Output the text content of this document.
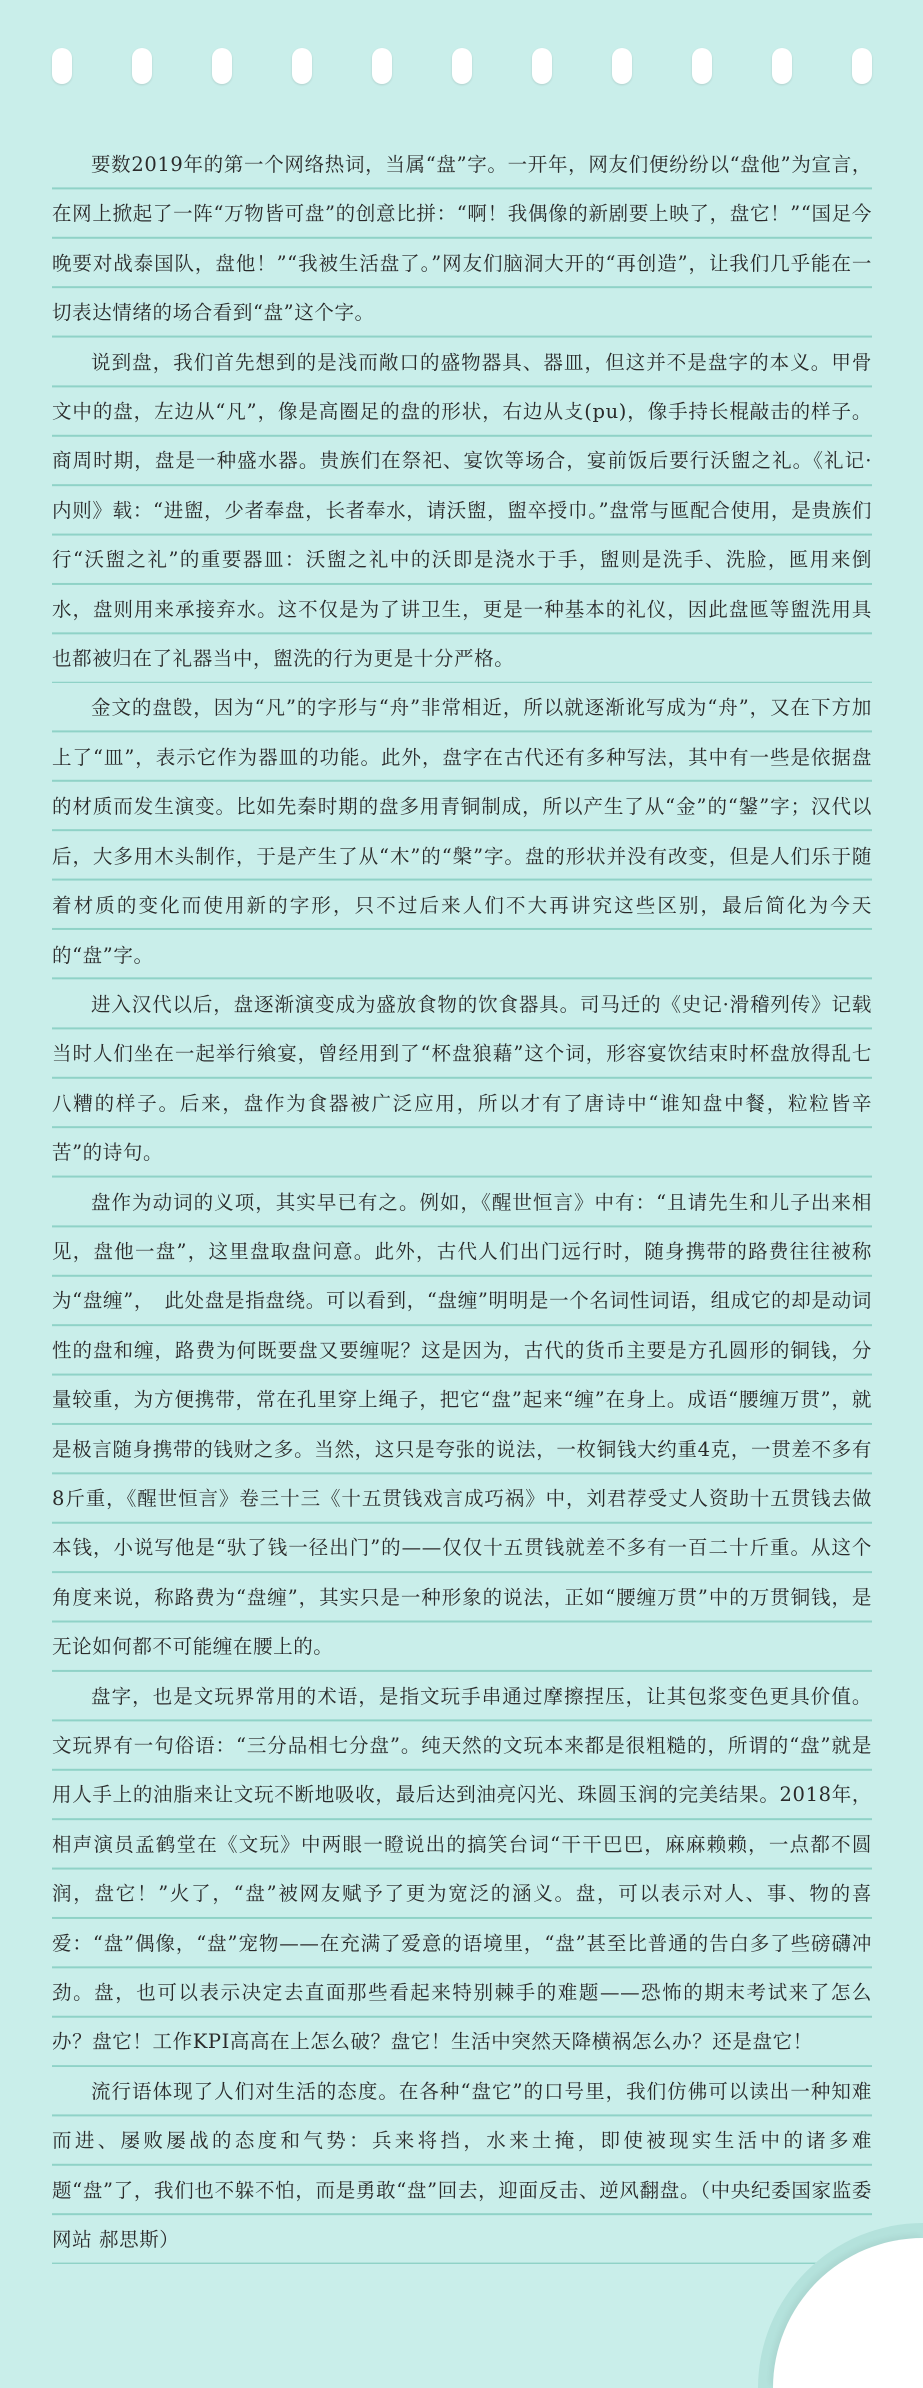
要数2019年的第一个网络热词，当属“盘”字。一开年，网友们便纷纷以“盘他”为宣言，在网上掀起了一阵“万物皆可盘”的创意比拼：“啊！我偶像的新剧要上映了，盘它！”“国足今晚要对战泰国队，盘他！”“我被生活盘了。”网友们脑洞大开的“再创造”，让我们几乎能在一切表达情绪的场合看到“盘”这个字。

说到盘，我们首先想到的是浅而敞口的盛物器具、器皿，但这并不是盘字的本义。甲骨文中的盘，左边从“凡”，像是高圈足的盘的形状，右边从攴(pu)，像手持长棍敲击的样子。商周时期，盘是一种盛水器。贵族们在祭祀、宴饮等场合，宴前饭后要行沃盥之礼。《礼记·内则》载：“进盥，少者奉盘，长者奉水，请沃盥，盥卒授巾。”盘常与匜配合使用，是贵族们行“沃盥之礼”的重要器皿：沃盥之礼中的沃即是浇水于手，盥则是洗手、洗脸，匜用来倒水，盘则用来承接弃水。这不仅是为了讲卫生，更是一种基本的礼仪，因此盘匜等盥洗用具也都被归在了礼器当中，盥洗的行为更是十分严格。

金文的盘𣪘，因为“凡”的字形与“舟”非常相近，所以就逐渐讹写成为“舟”，又在下方加上了“皿”，表示它作为器皿的功能。此外，盘字在古代还有多种写法，其中有一些是依据盘的材质而发生演变。比如先秦时期的盘多用青铜制成，所以产生了从“金”的“鎜”字；汉代以后，大多用木头制作，于是产生了从“木”的“槃”字。盘的形状并没有改变，但是人们乐于随着材质的变化而使用新的字形，只不过后来人们不大再讲究这些区别，最后简化为今天的“盘”字。

进入汉代以后，盘逐渐演变成为盛放食物的饮食器具。司马迁的《史记·滑稽列传》记载当时人们坐在一起举行飨宴，曾经用到了“杯盘狼藉”这个词，形容宴饮结束时杯盘放得乱七八糟的样子。后来，盘作为食器被广泛应用，所以才有了唐诗中“谁知盘中餐，粒粒皆辛苦”的诗句。

盘作为动词的义项，其实早已有之。例如，《醒世恒言》中有：“且请先生和儿子出来相见，盘他一盘”，这里盘取盘问意。此外，古代人们出门远行时，随身携带的路费往往被称为“盘缠”，　此处盘是指盘绕。可以看到，“盘缠”明明是一个名词性词语，组成它的却是动词性的盘和缠，路费为何既要盘又要缠呢？这是因为，古代的货币主要是方孔圆形的铜钱，分量较重，为方便携带，常在孔里穿上绳子，把它“盘”起来“缠”在身上。成语“腰缠万贯”，就是极言随身携带的钱财之多。当然，这只是夸张的说法，一枚铜钱大约重4克，一贯差不多有8斤重，《醒世恒言》卷三十三《十五贯钱戏言成巧祸》中，刘君荐受丈人资助十五贯钱去做本钱，小说写他是“驮了钱一径出门”的——仅仅十五贯钱就差不多有一百二十斤重。从这个角度来说，称路费为“盘缠”，其实只是一种形象的说法，正如“腰缠万贯”中的万贯铜钱，是无论如何都不可能缠在腰上的。

盘字，也是文玩界常用的术语，是指文玩手串通过摩擦捏压，让其包浆变色更具价值。文玩界有一句俗语：“三分品相七分盘”。纯天然的文玩本来都是很粗糙的，所谓的“盘”就是用人手上的油脂来让文玩不断地吸收，最后达到油亮闪光、珠圆玉润的完美结果。2018年，相声演员孟鹤堂在《文玩》中两眼一瞪说出的搞笑台词“干干巴巴，麻麻赖赖，一点都不圆润，盘它！”火了，“盘”被网友赋予了更为宽泛的涵义。盘，可以表示对人、事、物的喜爱：“盘”偶像，“盘”宠物——在充满了爱意的语境里，“盘”甚至比普通的告白多了些磅礴冲劲。盘，也可以表示决定去直面那些看起来特别棘手的难题——恐怖的期末考试来了怎么办？盘它！工作KPI高高在上怎么破？盘它！生活中突然天降横祸怎么办？还是盘它！

流行语体现了人们对生活的态度。在各种“盘它”的口号里，我们仿佛可以读出一种知难而进、屡败屡战的态度和气势：兵来将挡，水来土掩，即使被现实生活中的诸多难题“盘”了，我们也不躲不怕，而是勇敢“盘”回去，迎面反击、逆风翻盘。（中央纪委国家监委网站 郝思斯）
